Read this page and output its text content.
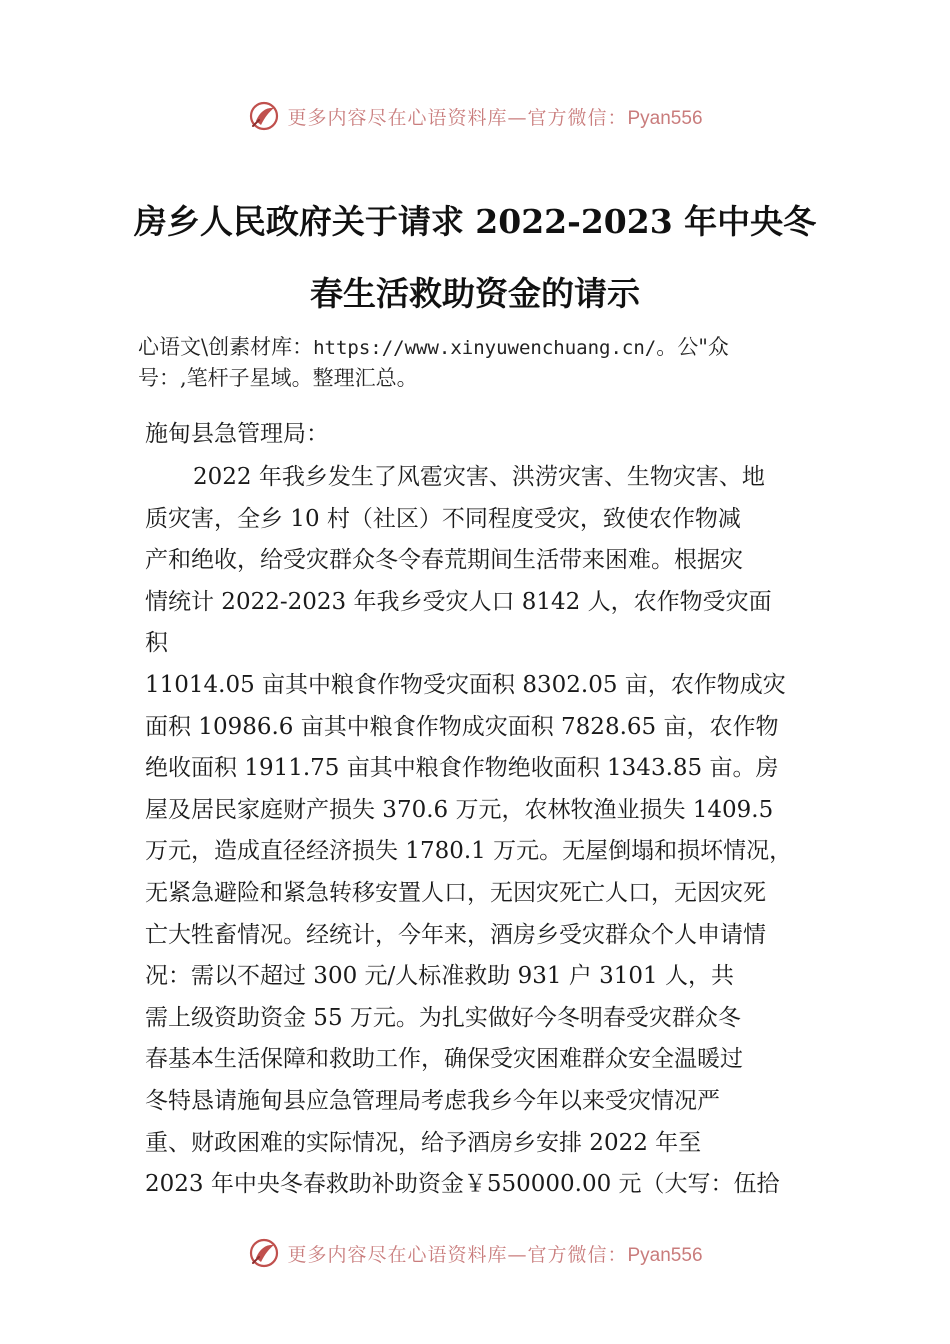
更多内容尽在心语资料库—官方微信：Pyan556
房乡人民政府关于请求 2022-2023 年中央冬
春生活救助资金的请示
心语文\创素材库：https://www.xinyuwenchuang.cn/。公"众
号：,笔杆子星域。整理汇总。
施甸县急管理局：
2022 年我乡发生了风雹灾害、洪涝灾害、生物灾害、地
质灾害，全乡 10 村（社区）不同程度受灾，致使农作物减
产和绝收，给受灾群众冬令春荒期间生活带来困难。根据灾
情统计 2022-2023 年我乡受灾人口 8142 人，农作物受灾面
积
11014.05 亩其中粮食作物受灾面积 8302.05 亩，农作物成灾
面积 10986.6 亩其中粮食作物成灾面积 7828.65 亩，农作物
绝收面积 1911.75 亩其中粮食作物绝收面积 1343.85 亩。房
屋及居民家庭财产损失 370.6 万元，农林牧渔业损失 1409.5
万元，造成直径经济损失 1780.1 万元。无屋倒塌和损坏情况，
无紧急避险和紧急转移安置人口，无因灾死亡人口，无因灾死
亡大牲畜情况。经统计，今年来，酒房乡受灾群众个人申请情
况：需以不超过 300 元/人标准救助 931 户 3101 人，共
需上级资助资金 55 万元。为扎实做好今冬明春受灾群众冬
春基本生活保障和救助工作，确保受灾困难群众安全温暖过
冬特恳请施甸县应急管理局考虑我乡今年以来受灾情况严
重、财政困难的实际情况，给予酒房乡安排 2022 年至
2023 年中央冬春救助补助资金￥550000.00 元（大写：伍拾
更多内容尽在心语资料库—官方微信：Pyan556
